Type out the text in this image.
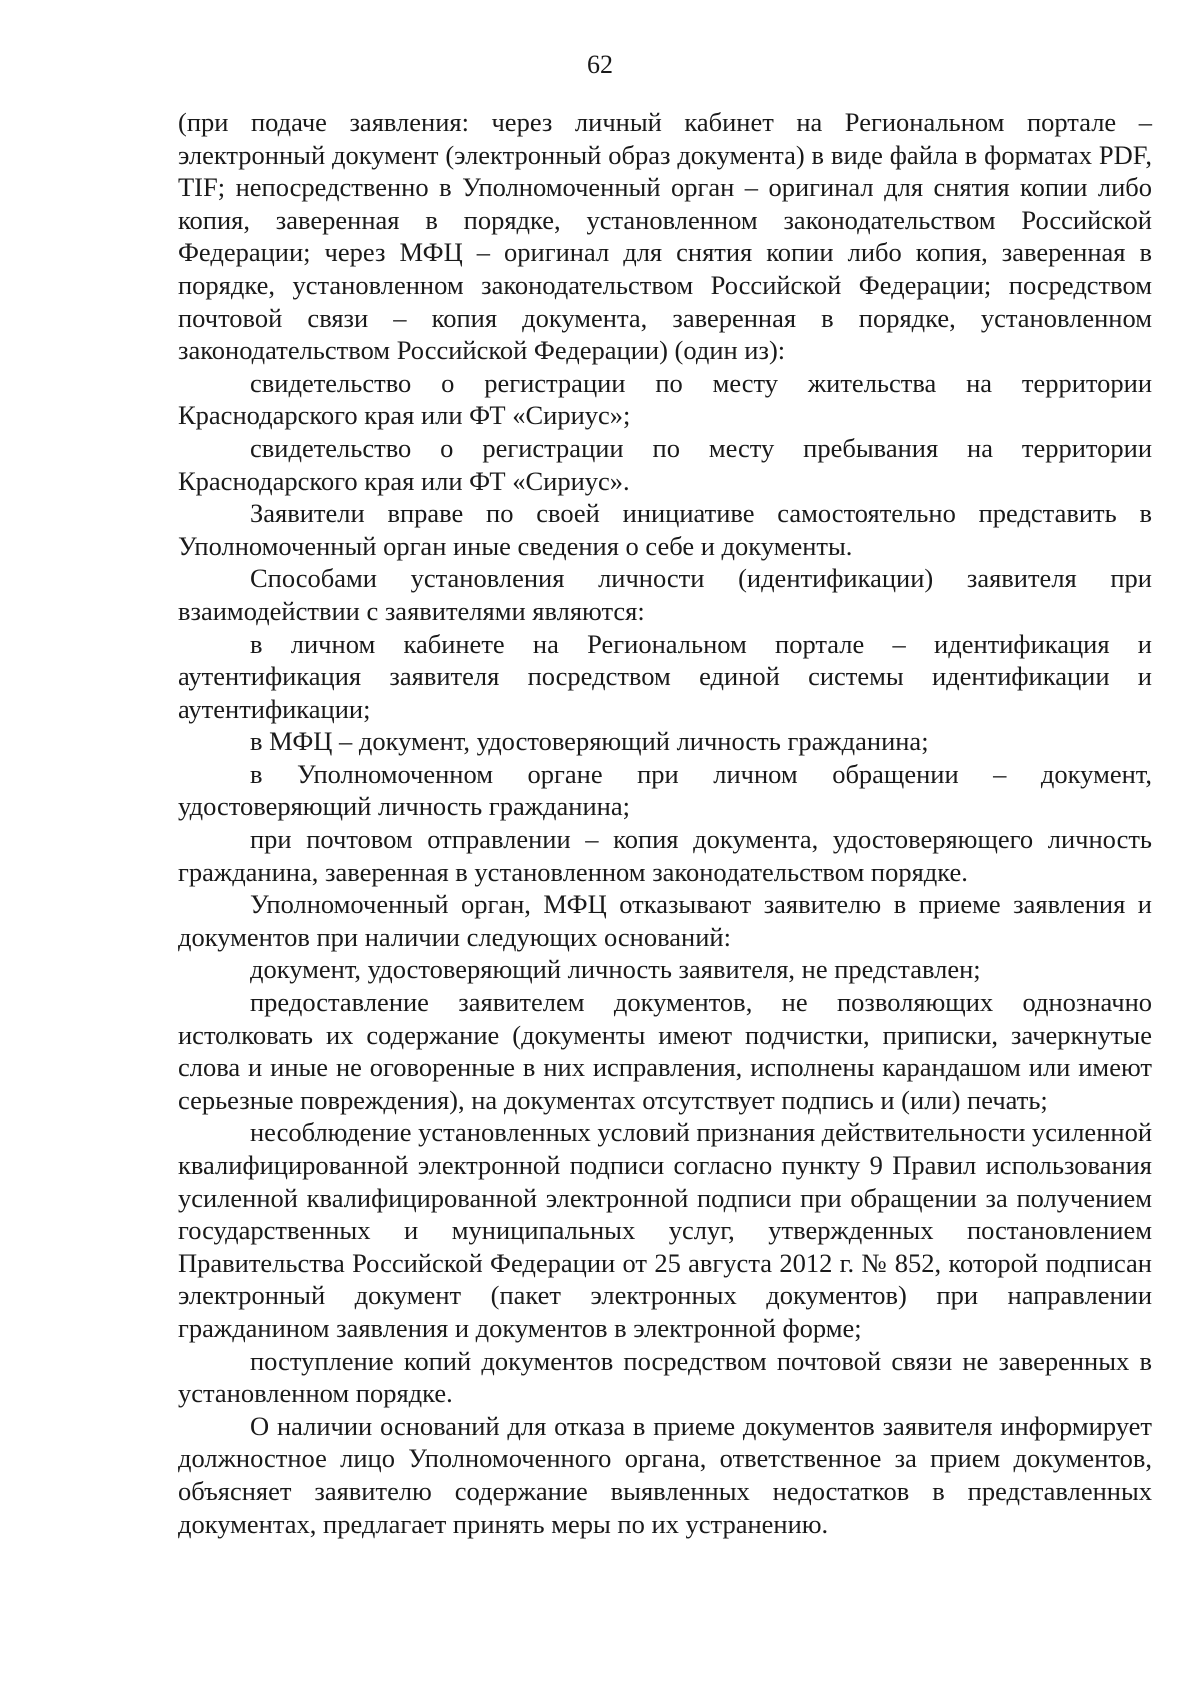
62

(при подаче заявления: через личный кабинет на Региональном портале – электронный документ (электронный образ документа) в виде файла в форматах PDF, TIF; непосредственно в Уполномоченный орган – оригинал для снятия копии либо копия, заверенная в порядке, установленном законодательством Российской Федерации; через МФЦ – оригинал для снятия копии либо копия, заверенная в порядке, установленном законодательством Российской Федерации; посредством почтовой связи – копия документа, заверенная в порядке, установленном законодательством Российской Федерации) (один из):

свидетельство о регистрации по месту жительства на территории Краснодарского края или ФТ «Сириус»;

свидетельство о регистрации по месту пребывания на территории Краснодарского края или ФТ «Сириус».

Заявители вправе по своей инициативе самостоятельно представить в Уполномоченный орган иные сведения о себе и документы.

Способами установления личности (идентификации) заявителя при взаимодействии с заявителями являются:

в личном кабинете на Региональном портале – идентификация и аутентификация заявителя посредством единой системы идентификации и аутентификации;

в МФЦ – документ, удостоверяющий личность гражданина;

в Уполномоченном органе при личном обращении – документ, удостоверяющий личность гражданина;

при почтовом отправлении – копия документа, удостоверяющего личность гражданина, заверенная в установленном законодательством порядке.

Уполномоченный орган, МФЦ отказывают заявителю в приеме заявления и документов при наличии следующих оснований:

документ, удостоверяющий личность заявителя, не представлен;

предоставление заявителем документов, не позволяющих однозначно истолковать их содержание (документы имеют подчистки, приписки, зачеркнутые слова и иные не оговоренные в них исправления, исполнены карандашом или имеют серьезные повреждения), на документах отсутствует подпись и (или) печать;

несоблюдение установленных условий признания действительности усиленной квалифицированной электронной подписи согласно пункту 9 Правил использования усиленной квалифицированной электронной подписи при обращении за получением государственных и муниципальных услуг, утвержденных постановлением Правительства Российской Федерации от 25 августа 2012 г. № 852, которой подписан электронный документ (пакет электронных документов) при направлении гражданином заявления и документов в электронной форме;

поступление копий документов посредством почтовой связи не заверенных в установленном порядке.

О наличии оснований для отказа в приеме документов заявителя информирует должностное лицо Уполномоченного органа, ответственное за прием документов, объясняет заявителю содержание выявленных недостатков в представленных документах, предлагает принять меры по их устранению.
